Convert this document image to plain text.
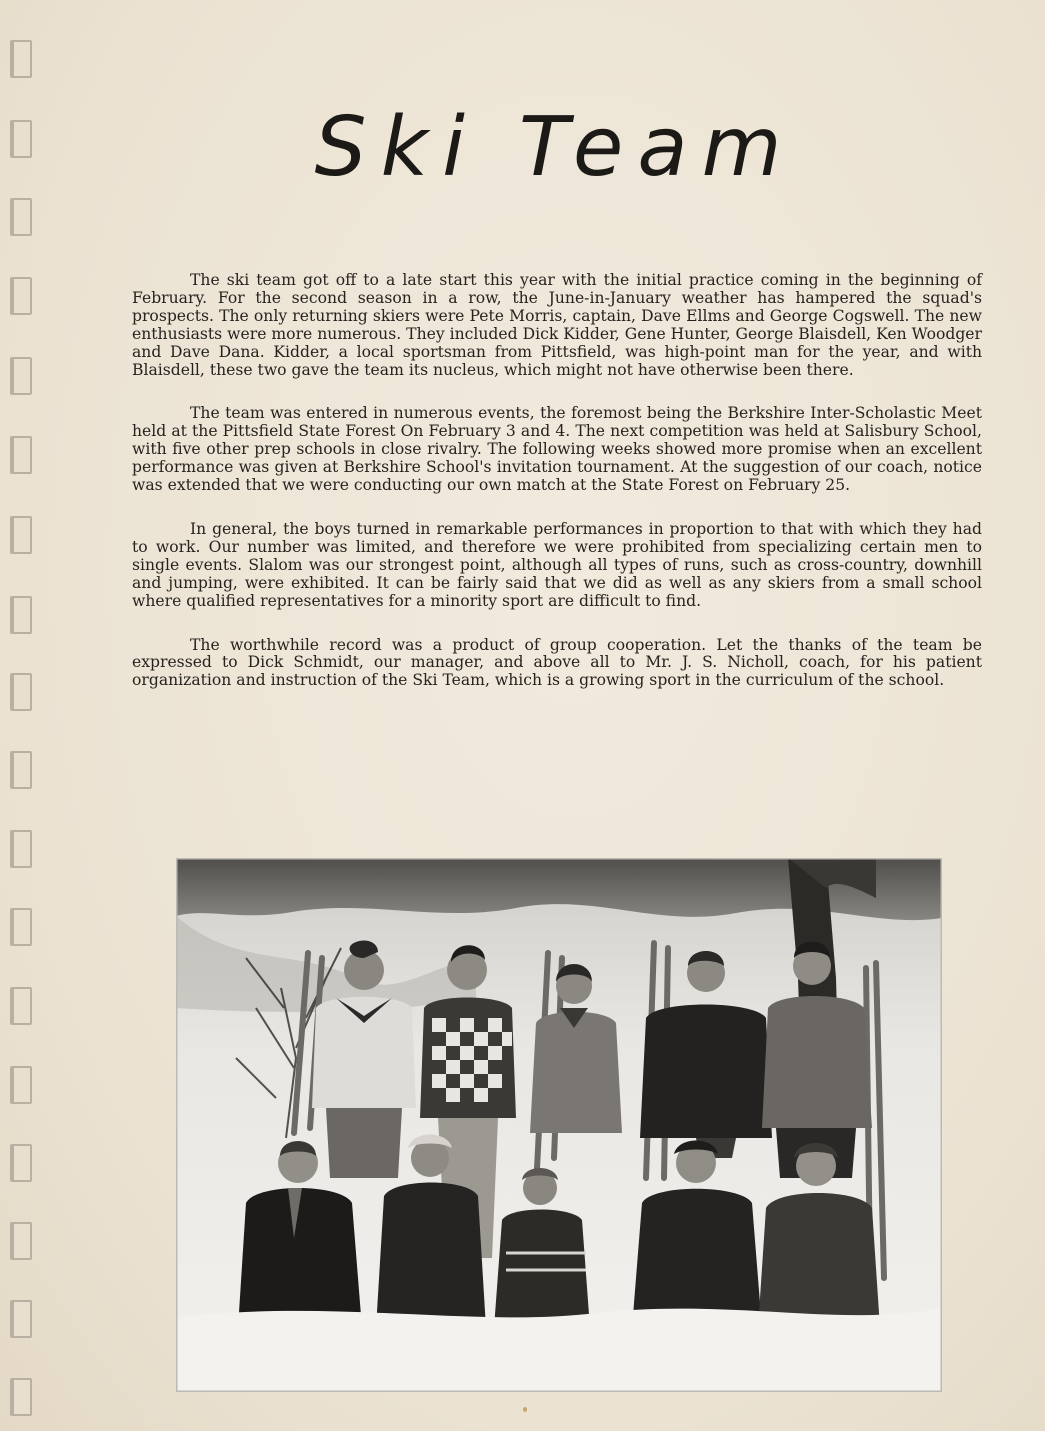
Ski Team

The ski team got off to a late start this year with the initial practice coming in the beginning of February. For the second season in a row, the June-in-January weather has hampered the squad's prospects. The only returning skiers were Pete Morris, captain, Dave Ellms and George Cogswell. The new enthusiasts were more numerous. They included Dick Kidder, Gene Hunter, George Blaisdell, Ken Woodger and Dave Dana. Kidder, a local sportsman from Pittsfield, was high-point man for the year, and with Blaisdell, these two gave the team its nucleus, which might not have otherwise been there.

The team was entered in numerous events, the foremost being the Berkshire Inter-Scholastic Meet held at the Pittsfield State Forest On February 3 and 4. The next competition was held at Salisbury School, with five other prep schools in close rivalry. The following weeks showed more promise when an excellent performance was given at Berkshire School's invitation tournament. At the suggestion of our coach, notice was extended that we were conducting our own match at the State Forest on February 25.

In general, the boys turned in remarkable performances in proportion to that with which they had to work. Our number was limited, and therefore we were prohibited from specializing certain men to single events. Slalom was our strongest point, although all types of runs, such as cross-country, downhill and jumping, were exhibited. It can be fairly said that we did as well as any skiers from a small school where qualified representatives for a minority sport are difficult to find.

The worthwhile record was a product of group cooperation. Let the thanks of the team be expressed to Dick Schmidt, our manager, and above all to Mr. J. S. Nicholl, coach, for his patient organization and instruction of the Ski Team, which is a growing sport in the curriculum of the school.
